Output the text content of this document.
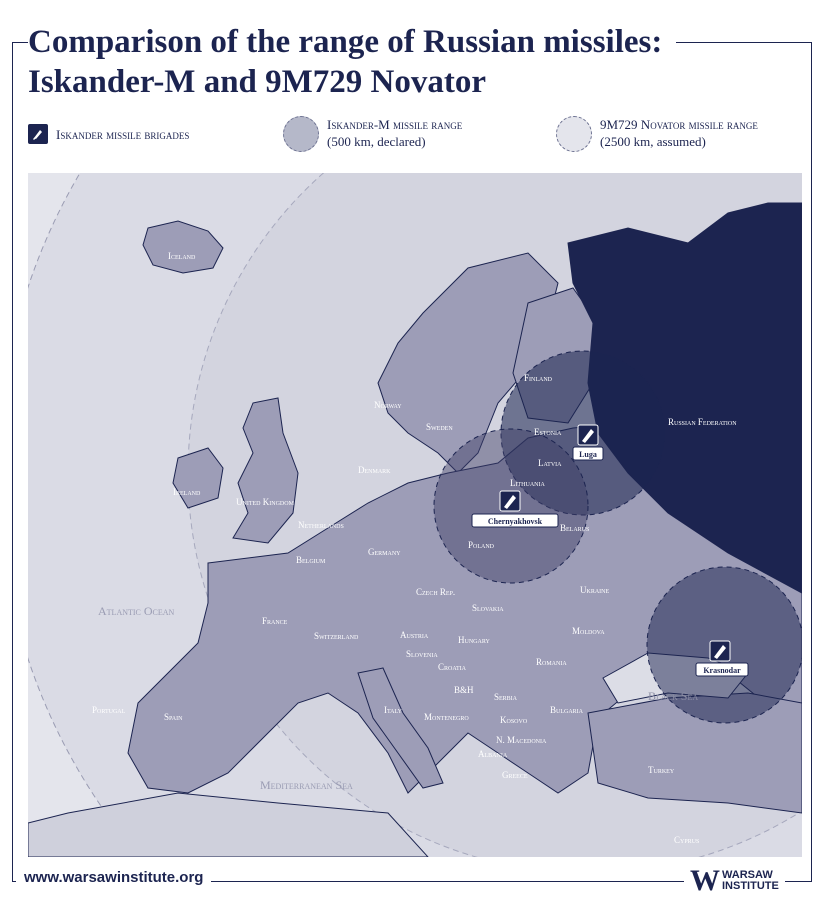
Comparison of the range of Russian missiles:
Iskander-M and 9M729 Novator
Iskander missile brigades
Iskander-M missile range
(500 km, declared)
9M729 Novator missile range
(2500 km, assumed)
Luga
Chernyakhovsk
Krasnodar
Iceland
Norway
Sweden
Finland
Estonia
Latvia
Lithuania
Denmark
Ireland
United Kingdom
Netherlands
Belgium
Germany
Poland
Belarus
Russian Federation
Ukraine
Czech Rep.
Slovakia
Austria
Switzerland
Slovenia
Hungary
Moldova
Romania
Croatia
B&H
Serbia
Kosovo
Montenegro
Bulgaria
N. Macedonia
Albania
Greece	Turkey
Cyprus
France
Portugal
Spain
Italy
Atlantic Ocean
Mediterranean Sea
Black Sea
www.warsawinstitute.org	W WARSAW
INSTITUTE
